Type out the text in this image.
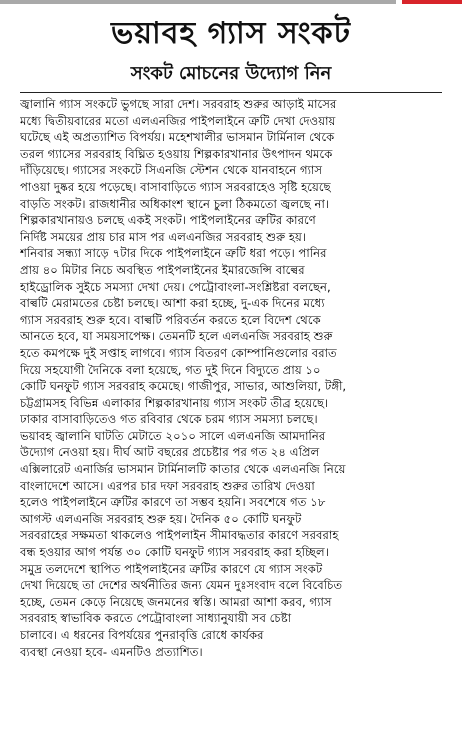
ভয়াবহ গ্যাস সংকট
সংকট মোচনের উদ্যোগ নিন

জ্বালানি গ্যাস সংকটে ভুগছে সারা দেশ। সরবরাহ শুরুর আড়াই মাসের

মধ্যে দ্বিতীয়বারের মতো এলএনজির পাইপলাইনে ত্রুটি দেখা দেওয়ায়

ঘটেছে এই অপ্রত্যাশিত বিপর্যয়। মহেশখালীর ভাসমান টার্মিনাল থেকে

তরল গ্যাসের সরবরাহ বিঘ্নিত হওয়ায় শিল্পকারখানার উৎপাদন থমকে

দাঁড়িয়েছে। গ্যাসের সংকটে সিএনজি স্টেশন থেকে যানবাহনে গ্যাস

পাওয়া দুষ্কর হয়ে পড়েছে। বাসাবাড়িতে গ্যাস সরবরাহেও সৃষ্টি হয়েছে

বাড়তি সংকট। রাজধানীর অধিকাংশ স্থানে চুলা ঠিকমতো জ্বলছে না।

শিল্পকারখানায়ও চলছে একই সংকট। পাইপলাইনের ত্রুটির কারণে

নির্দিষ্ট সময়ের প্রায় চার মাস পর এলএনজির সরবরাহ শুরু হয়।

শনিবার সন্ধ্যা সাড়ে ৭টার দিকে পাইপলাইনে ত্রুটি ধরা পড়ে। পানির

প্রায় ৪০ মিটার নিচে অবস্থিত পাইপলাইনের ইমারজেন্সি বাল্বের

হাইড্রোলিক সুইচে সমস্যা দেখা দেয়। পেট্রোবাংলা-সংশ্লিষ্টরা বলছেন,

বাল্বটি মেরামতের চেষ্টা চলছে। আশা করা হচ্ছে, দু-এক দিনের মধ্যে

গ্যাস সরবরাহ শুরু হবে। বাল্বটি পরিবর্তন করতে হলে বিদেশ থেকে

আনতে হবে, যা সময়সাপেক্ষ। তেমনটি হলে এলএনজি সরবরাহ শুরু

হতে কমপক্ষে দুই সপ্তাহ লাগবে। গ্যাস বিতরণ কোম্পানিগুলোর বরাত

দিয়ে সহযোগী দৈনিকে বলা হয়েছে, গত দুই দিনে বিদ্যুতে প্রায় ১০

কোটি ঘনফুট গ্যাস সরবরাহ কমেছে। গাজীপুর, সাভার, আশুলিয়া, টঙ্গী,

চট্টগ্রামসহ বিভিন্ন এলাকার শিল্পকারখানায় গ্যাস সংকট তীব্র হয়েছে।

ঢাকার বাসাবাড়িতেও গত রবিবার থেকে চরম গ্যাস সমস্যা চলছে।

ভয়াবহ জ্বালানি ঘাটতি মেটাতে ২০১০ সালে এলএনজি আমদানির

উদ্যোগ নেওয়া হয়। দীর্ঘ আট বছরের প্রচেষ্টার পর গত ২৪ এপ্রিল

এক্সিলারেট এনার্জির ভাসমান টার্মিনালটি কাতার থেকে এলএনজি নিয়ে

বাংলাদেশে আসে। এরপর চার দফা সরবরাহ শুরুর তারিখ দেওয়া

হলেও পাইপলাইনে ত্রুটির কারণে তা সম্ভব হয়নি। সবশেষে গত ১৮

আগস্ট এলএনজি সরবরাহ শুরু হয়। দৈনিক ৫০ কোটি ঘনফুট

সরবরাহের সক্ষমতা থাকলেও পাইপলাইন সীমাবদ্ধতার কারণে সরবরাহ

বন্ধ হওয়ার আগ পর্যন্ত ৩০ কোটি ঘনফুট গ্যাস সরবরাহ করা হচ্ছিল।

সমুদ্র তলদেশে স্থাপিত পাইপলাইনের ত্রুটির কারণে যে গ্যাস সংকট

দেখা দিয়েছে তা দেশের অর্থনীতির জন্য যেমন দুঃসংবাদ বলে বিবেচিত

হচ্ছে, তেমন কেড়ে নিয়েছে জনমনের স্বস্তি। আমরা আশা করব, গ্যাস

সরবরাহ স্বাভাবিক করতে পেট্রোবাংলা সাধ্যানুযায়ী সব চেষ্টা

চালাবে। এ ধরনের বিপর্যয়ের পুনরাবৃত্তি রোধে কার্যকর

ব্যবস্থা নেওয়া হবে- এমনটিও প্রত্যাশিত।
